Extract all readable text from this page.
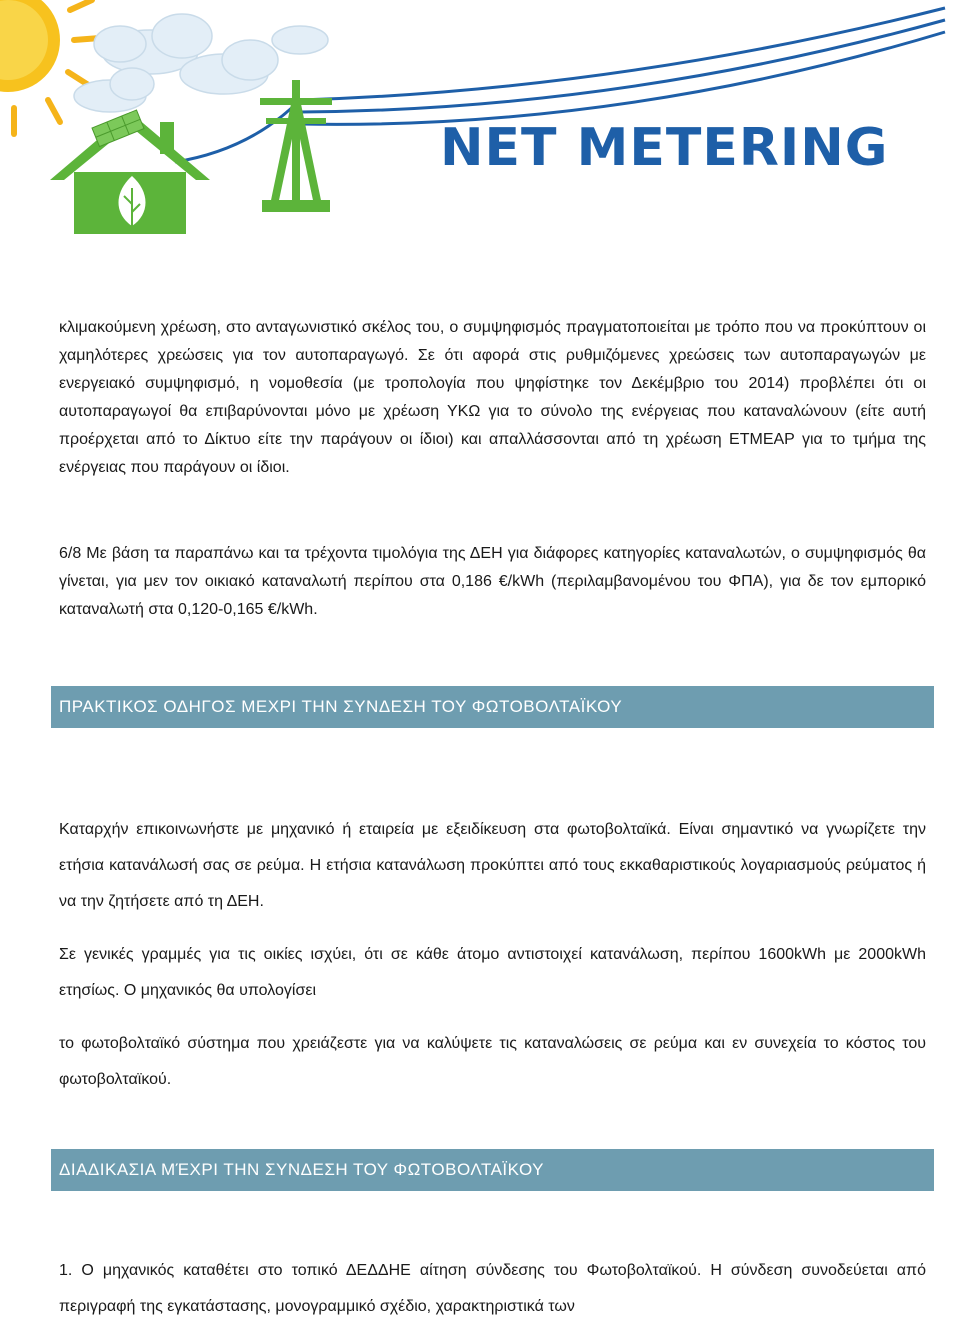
NET METERING

κλιμακούμενη χρέωση, στο ανταγωνιστικό σκέλος του, ο συμψηφισμός πραγματοποιείται με τρόπο που να προκύπτουν οι χαμηλότερες χρεώσεις για τον αυτοπαραγωγό. Σε ότι αφορά στις ρυθμιζόμενες χρεώσεις των αυτοπαραγωγών με ενεργειακό συμψηφισμό, η νομοθεσία (με τροπολογία που ψηφίστηκε τον Δεκέμβριο του 2014) προβλέπει ότι οι αυτοπαραγωγοί θα επιβαρύνονται μόνο με χρέωση ΥΚΩ για το σύνολο της ενέργειας που καταναλώνουν (είτε αυτή προέρχεται από το Δίκτυο είτε την παράγουν οι ίδιοι) και απαλλάσσονται από τη χρέωση ΕΤΜΕΑΡ για το τμήμα της ενέργειας που παράγουν οι ίδιοι.

6/8 Με βάση τα παραπάνω και τα τρέχοντα τιμολόγια της ΔΕΗ για διάφορες κατηγορίες καταναλωτών, ο συμψηφισμός θα γίνεται, για μεν τον οικιακό καταναλωτή περίπου στα 0,186 €/kWh (περιλαμβανομένου του ΦΠΑ), για δε τον εμπορικό καταναλωτή στα 0,120-0,165 €/kWh.

ΠΡΑΚΤΙΚΟΣ ΟΔΗΓΟΣ ΜΕΧΡΙ ΤΗΝ ΣΥΝΔΕΣΗ ΤΟΥ ΦΩΤΟΒΟΛΤΑΪΚΟΥ

Καταρχήν επικοινωνήστε με μηχανικό ή εταιρεία με εξειδίκευση στα φωτοβολταϊκά. Είναι σημαντικό να γνωρίζετε την ετήσια κατανάλωσή σας σε ρεύμα. Η ετήσια κατανάλωση προκύπτει από τους εκκαθαριστικούς λογαριασμούς ρεύματος ή να την ζητήσετε από τη ΔΕΗ.

Σε γενικές γραμμές για τις οικίες ισχύει, ότι σε κάθε άτομο αντιστοιχεί κατανάλωση, περίπου 1600kWh με 2000kWh ετησίως. Ο μηχανικός θα υπολογίσει

το φωτοβολταϊκό σύστημα που χρειάζεστε για να καλύψετε τις καταναλώσεις σε ρεύμα και εν συνεχεία το κόστος του φωτοβολταϊκού.

ΔΙΑΔΙΚΑΣΙΑ ΜΈΧΡΙ ΤΗΝ ΣΥΝΔΕΣΗ ΤΟΥ ΦΩΤΟΒΟΛΤΑΪΚΟΥ

1. Ο μηχανικός καταθέτει στο τοπικό ΔΕΔΔΗΕ αίτηση σύνδεσης του Φωτοβολταϊκού. Η σύνδεση συνοδεύεται από περιγραφή της εγκατάστασης, μονογραμμικό σχέδιο, χαρακτηριστικά των
